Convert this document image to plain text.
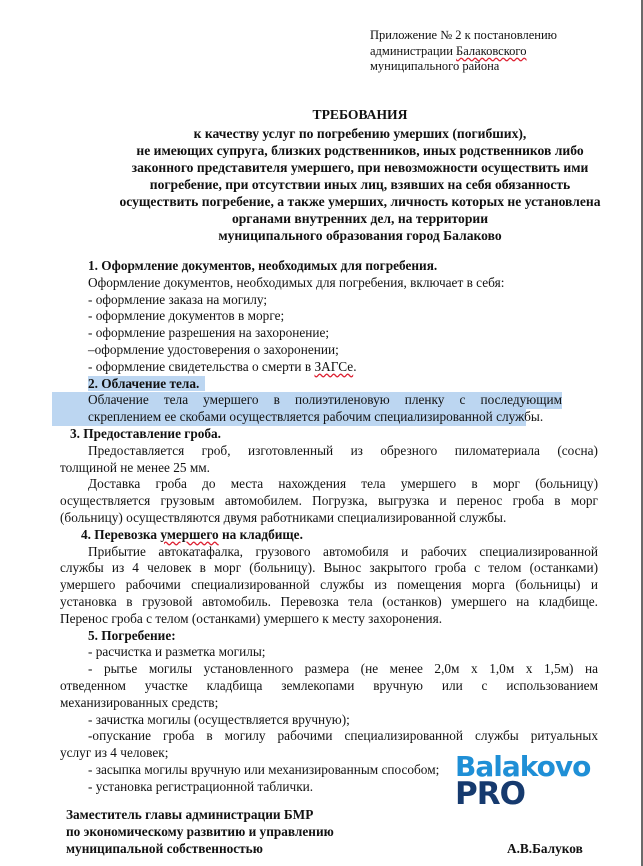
Приложение № 2 к постановлению
администрации Балаковского
муниципального района
ТРЕБОВАНИЯ
к качеству услуг по погребению умерших (погибших),
не имеющих супруга, близких родственников, иных родственников либо
законного представителя умершего, при невозможности осуществить ими
погребение, при отсутствии иных лиц, взявших на себя обязанность
осуществить погребение, а также умерших, личность которых не установлена
органами внутренних дел, на территории
муниципального образования город Балаково
1. Оформление документов, необходимых для погребения.
Оформление документов, необходимых для погребения, включает в себя:
- оформление заказа на могилу;
- оформление документов в морге;
- оформление разрешения на захоронение;
–оформление удостоверения о захоронении;
- оформление свидетельства о смерти в ЗАГСе.
2. Облачение тела.
Облачение тела умершего в полиэтиленовую пленку с последующим
скреплением ее скобами осуществляется рабочим специализированной службы.
3. Предоставление гроба.
Предоставляется гроб, изготовленный из обрезного пиломатериала (сосна)
толщиной не менее 25 мм.
Доставка гроба до места нахождения тела умершего в морг (больницу)
осуществляется грузовым автомобилем. Погрузка, выгрузка и перенос гроба в морг
(больницу) осуществляются двумя работниками специализированной службы.
4. Перевозка умершего на кладбище.
Прибытие автокатафалка, грузового автомобиля и рабочих специализированной
службы из 4 человек в морг (больницу). Вынос закрытого гроба с телом (останками)
умершего рабочими специализированной службы из помещения морга (больницы) и
установка в грузовой автомобиль. Перевозка тела (останков) умершего на кладбище.
Перенос гроба с телом (останками) умершего к месту захоронения.
5. Погребение:
- расчистка и разметка могилы;
- рытье могилы установленного размера (не менее 2,0м х 1,0м х 1,5м) на
отведенном участке кладбища землекопами вручную или с использованием
механизированных средств;
- зачистка могилы (осуществляется вручную);
-опускание гроба в могилу рабочими специализированной службы ритуальных
услуг из 4 человек;
- засыпка могилы вручную или механизированным способом;
- установка регистрационной таблички.
Balakovo
PRO
Заместитель главы администрации БМР
по экономическому развитию и управлению
муниципальной собственностью	А.В.Балуков
